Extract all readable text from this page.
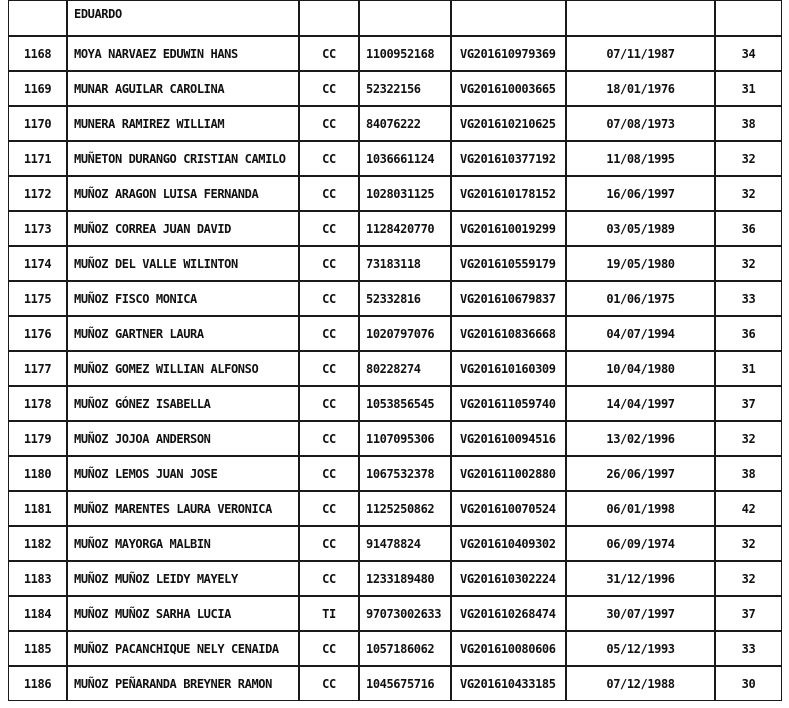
	EDUARDO					
1168	MOYA NARVAEZ EDUWIN HANS	CC	1100952168	VG201610979369	07/11/1987	34
1169	MUNAR AGUILAR CAROLINA	CC	52322156	VG201610003665	18/01/1976	31
1170	MUNERA RAMIREZ WILLIAM	CC	84076222	VG201610210625	07/08/1973	38
1171	MUÑETON DURANGO CRISTIAN CAMILO	CC	1036661124	VG201610377192	11/08/1995	32
1172	MUÑOZ ARAGON LUISA FERNANDA	CC	1028031125	VG201610178152	16/06/1997	32
1173	MUÑOZ CORREA JUAN DAVID	CC	1128420770	VG201610019299	03/05/1989	36
1174	MUÑOZ DEL VALLE WILINTON	CC	73183118	VG201610559179	19/05/1980	32
1175	MUÑOZ FISCO MONICA	CC	52332816	VG201610679837	01/06/1975	33
1176	MUÑOZ GARTNER LAURA	CC	1020797076	VG201610836668	04/07/1994	36
1177	MUÑOZ GOMEZ WILLIAN ALFONSO	CC	80228274	VG201610160309	10/04/1980	31
1178	MUÑOZ GÓNEZ ISABELLA	CC	1053856545	VG201611059740	14/04/1997	37
1179	MUÑOZ JOJOA ANDERSON	CC	1107095306	VG201610094516	13/02/1996	32
1180	MUÑOZ LEMOS JUAN JOSE	CC	1067532378	VG201611002880	26/06/1997	38
1181	MUÑOZ MARENTES LAURA VERONICA	CC	1125250862	VG201610070524	06/01/1998	42
1182	MUÑOZ MAYORGA MALBIN	CC	91478824	VG201610409302	06/09/1974	32
1183	MUÑOZ MUÑOZ LEIDY MAYELY	CC	1233189480	VG201610302224	31/12/1996	32
1184	MUÑOZ MUÑOZ SARHA LUCIA	TI	97073002633	VG201610268474	30/07/1997	37
1185	MUÑOZ PACANCHIQUE NELY CENAIDA	CC	1057186062	VG201610080606	05/12/1993	33
1186	MUÑOZ PEÑARANDA BREYNER RAMON	CC	1045675716	VG201610433185	07/12/1988	30
